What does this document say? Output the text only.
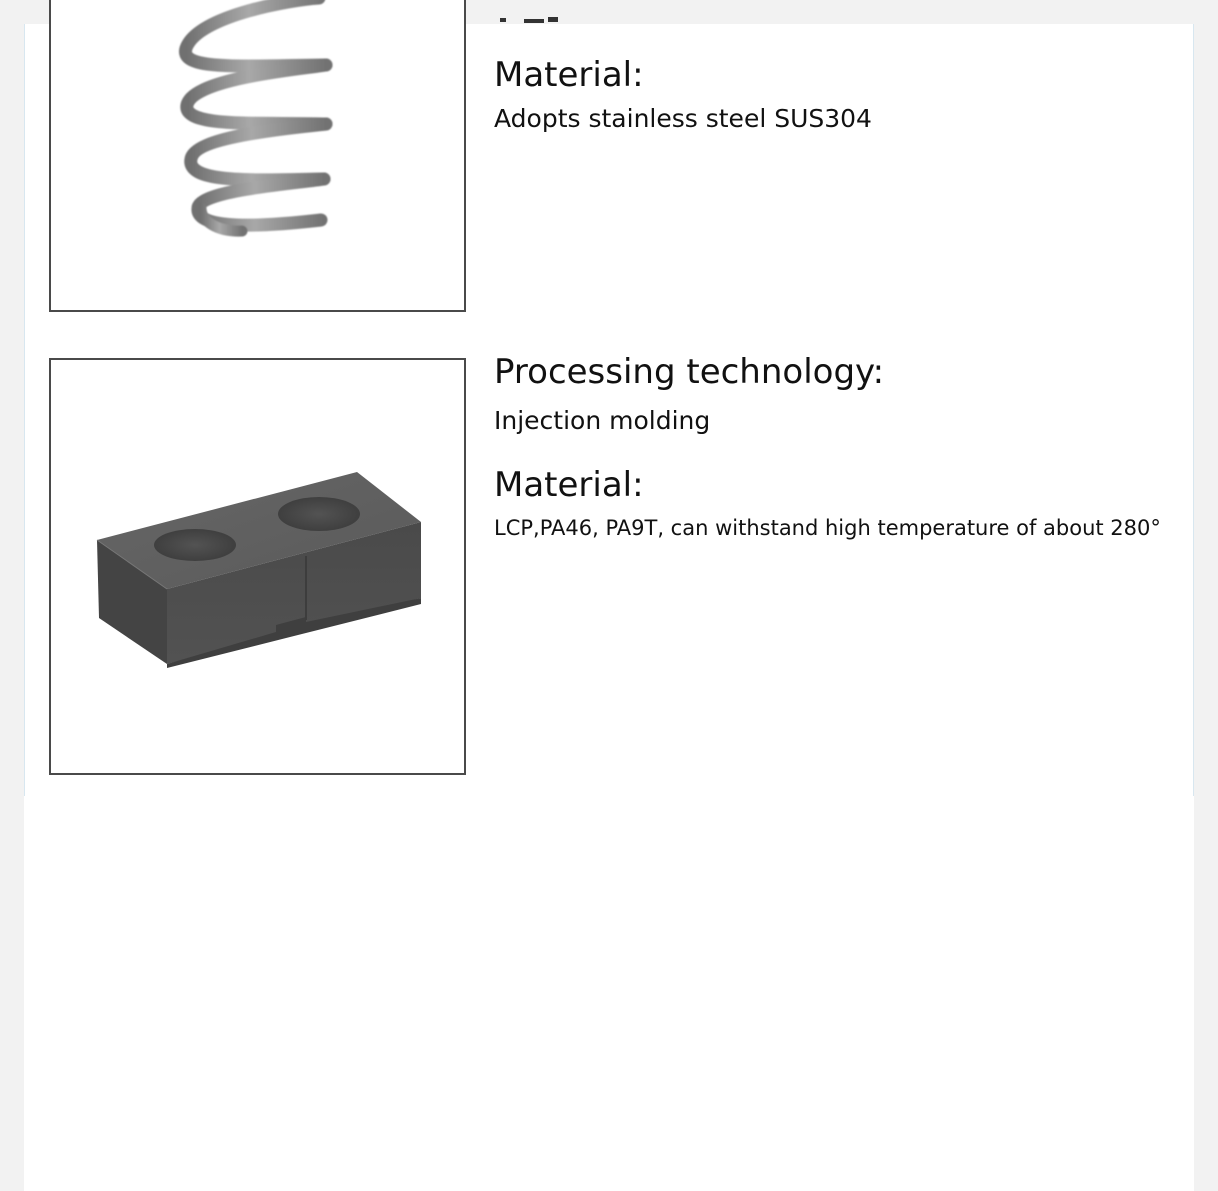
Material:

Adopts stainless steel SUS304

Processing technology:

Injection molding

Material:

LCP,PA46, PA9T, can withstand high temperature of about 280°
